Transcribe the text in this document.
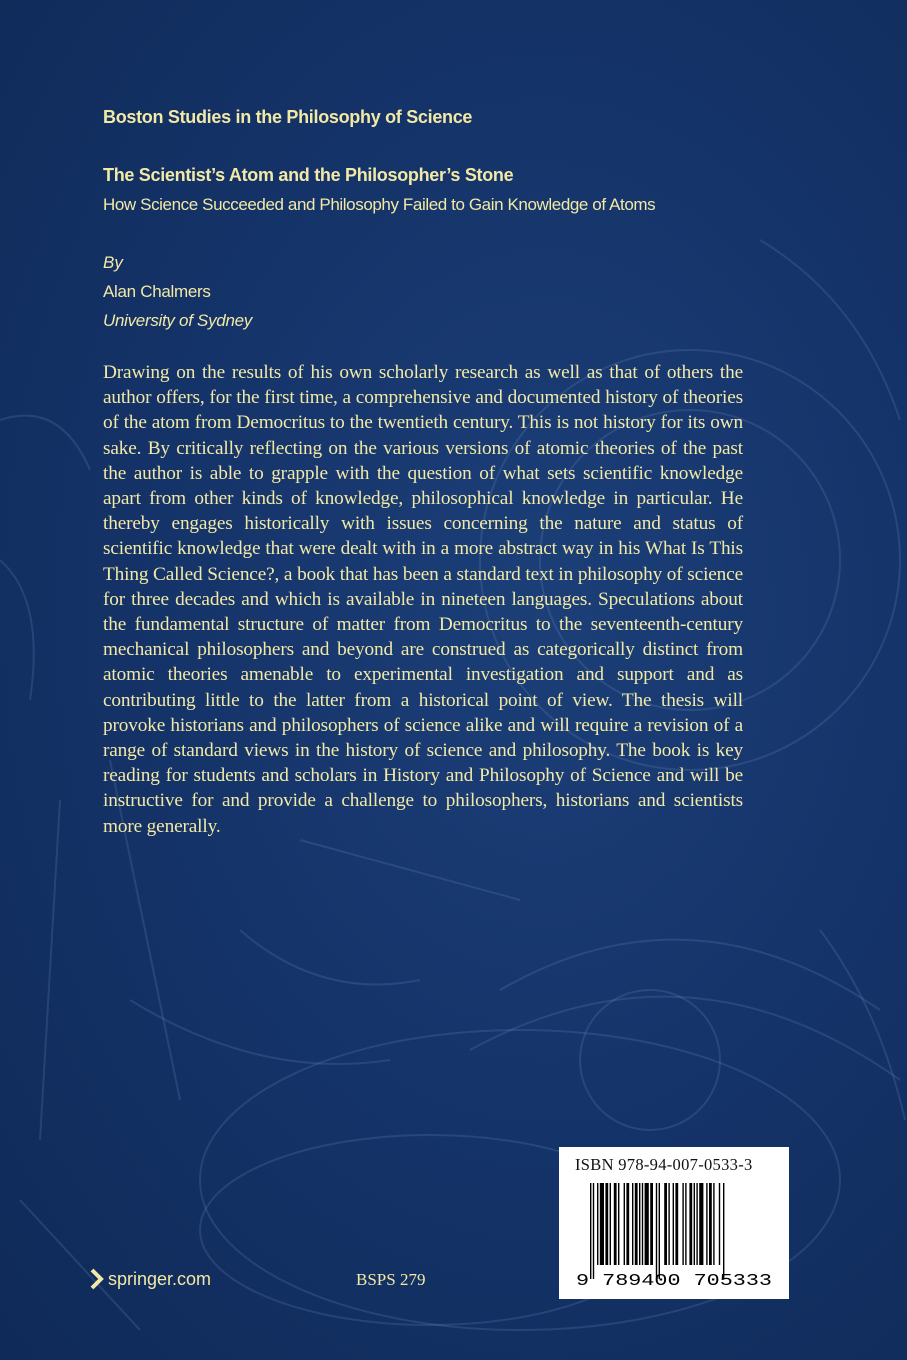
Boston Studies in the Philosophy of Science
The Scientist’s Atom and the Philosopher’s Stone
How Science Succeeded and Philosophy Failed to Gain Knowledge of Atoms
By
Alan Chalmers
University of Sydney

Drawing on the results of his own scholarly research as well as that of others the author offers, for the first time, a comprehensive and documented history of theories of the atom from Democritus to the twentieth century. This is not history for its own sake. By critically reflecting on the various versions of atomic theories of the past the author is able to grapple with the question of what sets scientific knowledge apart from other kinds of knowledge, philosophical knowledge in particular. He thereby engages historically with issues concerning the nature and status of scientific knowledge that were dealt with in a more abstract way in his What Is This Thing Called Science?, a book that has been a standard text in philosophy of science for three decades and which is available in nineteen languages. Speculations about the fundamental structure of matter from Democritus to the seventeenth-century mechanical philosophers and beyond are construed as categorically distinct from atomic theories amenable to experimental investigation and support and as contributing little to the latter from a historical point of view. The thesis will provoke historians and philosophers of science alike and will require a revision of a range of standard views in the history of science and philosophy. The book is key reading for students and scholars in History and Philosophy of Science and will be instructive for and provide a challenge to philosophers, historians and scientists more generally.

ISBN 978-94-007-0533-3
9 789400 705333
springer.com	BSPS 279
